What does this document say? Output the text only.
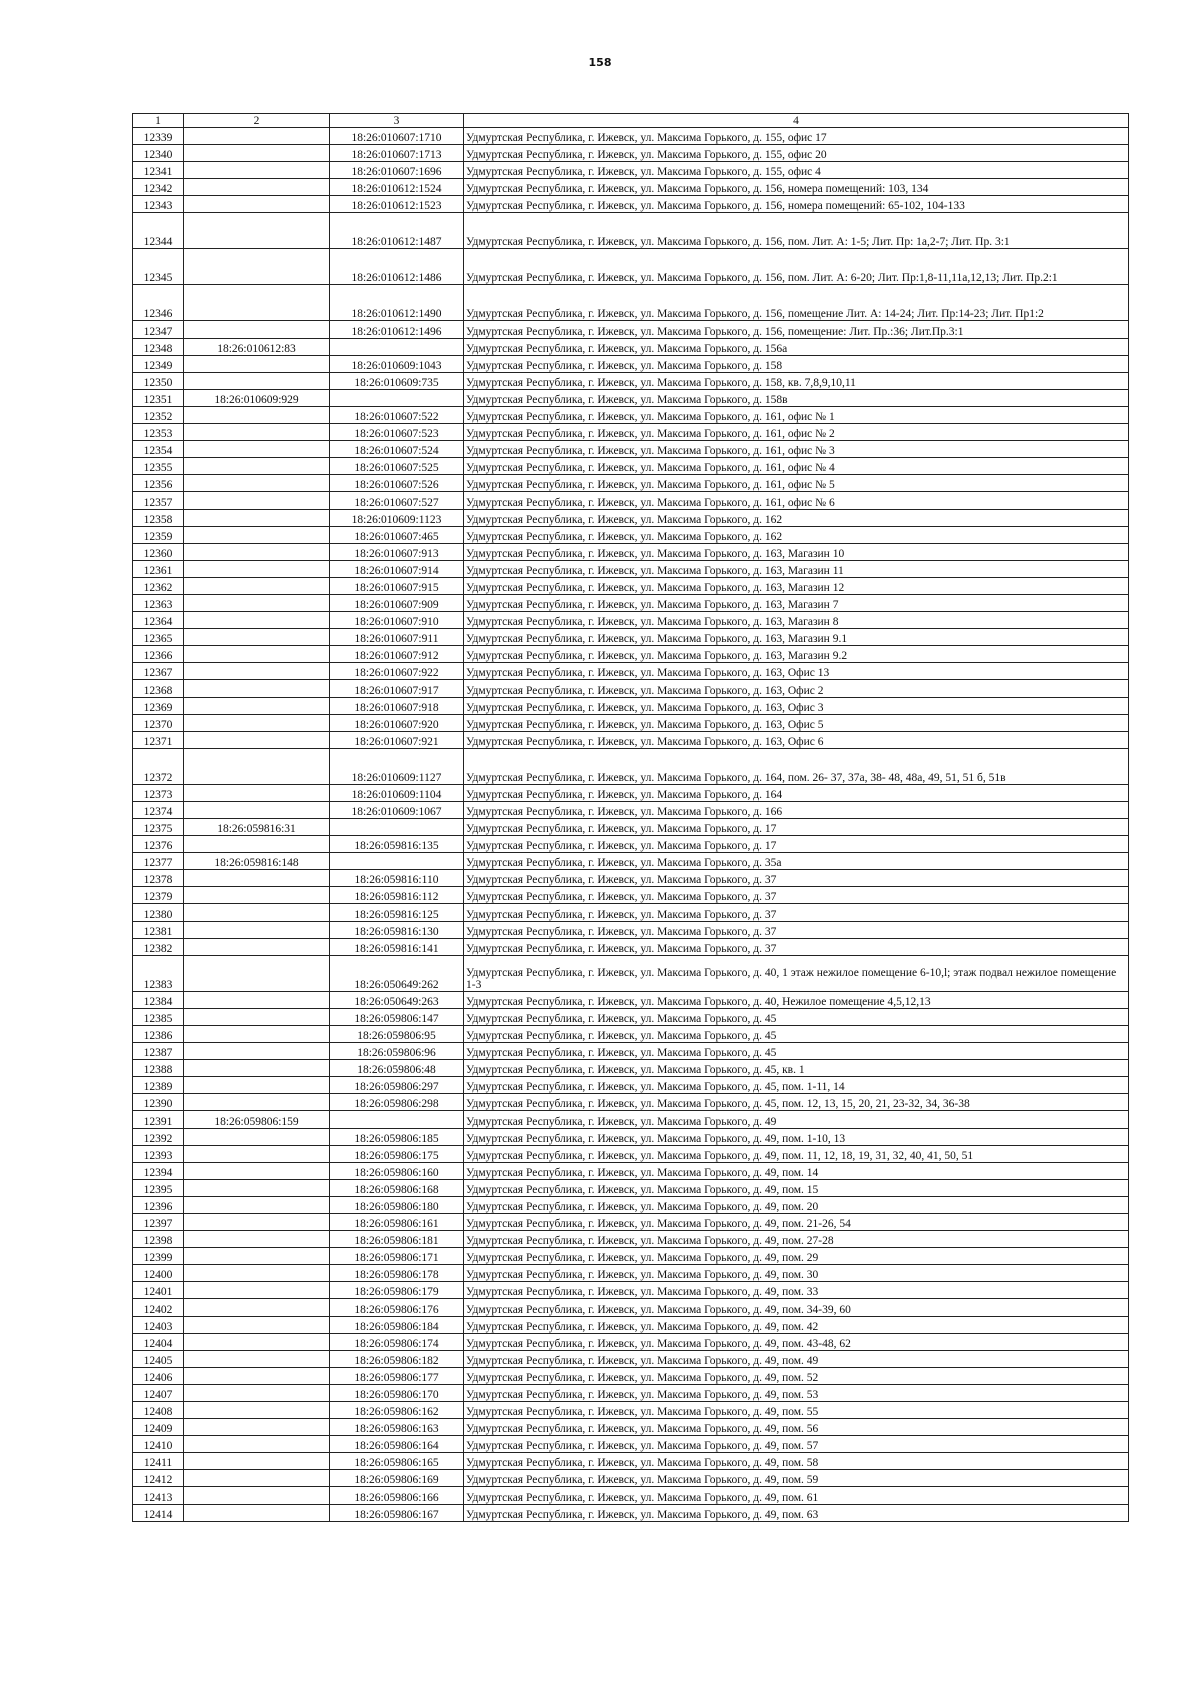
158
1	2	3	4
12339		18:26:010607:1710	Удмуртская Республика, г. Ижевск, ул. Максима Горького, д. 155, офис 17
12340		18:26:010607:1713	Удмуртская Республика, г. Ижевск, ул. Максима Горького, д. 155, офис 20
12341		18:26:010607:1696	Удмуртская Республика, г. Ижевск, ул. Максима Горького, д. 155, офис 4
12342		18:26:010612:1524	Удмуртская Республика, г. Ижевск, ул. Максима Горького, д. 156, номера помещений: 103, 134
12343		18:26:010612:1523	Удмуртская Республика, г. Ижевск, ул. Максима Горького, д. 156, номера помещений: 65-102, 104-133
12344		18:26:010612:1487	Удмуртская Республика, г. Ижевск, ул. Максима Горького, д. 156, пом. Лит. А: 1-5; Лит. Пр: 1а,2-7; Лит. Пр. 3:1
12345		18:26:010612:1486	Удмуртская Республика, г. Ижевск, ул. Максима Горького, д. 156, пом. Лит. А: 6-20; Лит. Пр:1,8-11,11а,12,13; Лит. Пр.2:1
12346		18:26:010612:1490	Удмуртская Республика, г. Ижевск, ул. Максима Горького, д. 156, помещение Лит. А: 14-24; Лит. Пр:14-23; Лит. Пр1:2
12347		18:26:010612:1496	Удмуртская Республика, г. Ижевск, ул. Максима Горького, д. 156, помещение: Лит. Пр.:36; Лит.Пр.3:1
12348	18:26:010612:83		Удмуртская Республика, г. Ижевск, ул. Максима Горького, д. 156а
12349		18:26:010609:1043	Удмуртская Республика, г. Ижевск, ул. Максима Горького, д. 158
12350		18:26:010609:735	Удмуртская Республика, г. Ижевск, ул. Максима Горького, д. 158, кв. 7,8,9,10,11
12351	18:26:010609:929		Удмуртская Республика, г. Ижевск, ул. Максима Горького, д. 158в
12352		18:26:010607:522	Удмуртская Республика, г. Ижевск, ул. Максима Горького, д. 161, офис № 1
12353		18:26:010607:523	Удмуртская Республика, г. Ижевск, ул. Максима Горького, д. 161, офис № 2
12354		18:26:010607:524	Удмуртская Республика, г. Ижевск, ул. Максима Горького, д. 161, офис № 3
12355		18:26:010607:525	Удмуртская Республика, г. Ижевск, ул. Максима Горького, д. 161, офис № 4
12356		18:26:010607:526	Удмуртская Республика, г. Ижевск, ул. Максима Горького, д. 161, офис № 5
12357		18:26:010607:527	Удмуртская Республика, г. Ижевск, ул. Максима Горького, д. 161, офис № 6
12358		18:26:010609:1123	Удмуртская Республика, г. Ижевск, ул. Максима Горького, д. 162
12359		18:26:010607:465	Удмуртская Республика, г. Ижевск, ул. Максима Горького, д. 162
12360		18:26:010607:913	Удмуртская Республика, г. Ижевск, ул. Максима Горького, д. 163, Магазин 10
12361		18:26:010607:914	Удмуртская Республика, г. Ижевск, ул. Максима Горького, д. 163, Магазин 11
12362		18:26:010607:915	Удмуртская Республика, г. Ижевск, ул. Максима Горького, д. 163, Магазин 12
12363		18:26:010607:909	Удмуртская Республика, г. Ижевск, ул. Максима Горького, д. 163, Магазин 7
12364		18:26:010607:910	Удмуртская Республика, г. Ижевск, ул. Максима Горького, д. 163, Магазин 8
12365		18:26:010607:911	Удмуртская Республика, г. Ижевск, ул. Максима Горького, д. 163, Магазин 9.1
12366		18:26:010607:912	Удмуртская Республика, г. Ижевск, ул. Максима Горького, д. 163, Магазин 9.2
12367		18:26:010607:922	Удмуртская Республика, г. Ижевск, ул. Максима Горького, д. 163, Офис 13
12368		18:26:010607:917	Удмуртская Республика, г. Ижевск, ул. Максима Горького, д. 163, Офис 2
12369		18:26:010607:918	Удмуртская Республика, г. Ижевск, ул. Максима Горького, д. 163, Офис 3
12370		18:26:010607:920	Удмуртская Республика, г. Ижевск, ул. Максима Горького, д. 163, Офис 5
12371		18:26:010607:921	Удмуртская Республика, г. Ижевск, ул. Максима Горького, д. 163, Офис 6
12372		18:26:010609:1127	Удмуртская Республика, г. Ижевск, ул. Максима Горького, д. 164, пом. 26- 37, 37а, 38- 48, 48а, 49, 51, 51 б, 51в
12373		18:26:010609:1104	Удмуртская Республика, г. Ижевск, ул. Максима Горького, д. 164
12374		18:26:010609:1067	Удмуртская Республика, г. Ижевск, ул. Максима Горького, д. 166
12375	18:26:059816:31		Удмуртская Республика, г. Ижевск, ул. Максима Горького, д. 17
12376		18:26:059816:135	Удмуртская Республика, г. Ижевск, ул. Максима Горького, д. 17
12377	18:26:059816:148		Удмуртская Республика, г. Ижевск, ул. Максима Горького, д. 35а
12378		18:26:059816:110	Удмуртская Республика, г. Ижевск, ул. Максима Горького, д. 37
12379		18:26:059816:112	Удмуртская Республика, г. Ижевск, ул. Максима Горького, д. 37
12380		18:26:059816:125	Удмуртская Республика, г. Ижевск, ул. Максима Горького, д. 37
12381		18:26:059816:130	Удмуртская Республика, г. Ижевск, ул. Максима Горького, д. 37
12382		18:26:059816:141	Удмуртская Республика, г. Ижевск, ул. Максима Горького, д. 37
12383		18:26:050649:262	Удмуртская Республика, г. Ижевск, ул. Максима Горького, д. 40, 1 этаж нежилое помещение 6-10,l; этаж подвал нежилое помещение 1-3
12384		18:26:050649:263	Удмуртская Республика, г. Ижевск, ул. Максима Горького, д. 40, Нежилое помещение 4,5,12,13
12385		18:26:059806:147	Удмуртская Республика, г. Ижевск, ул. Максима Горького, д. 45
12386		18:26:059806:95	Удмуртская Республика, г. Ижевск, ул. Максима Горького, д. 45
12387		18:26:059806:96	Удмуртская Республика, г. Ижевск, ул. Максима Горького, д. 45
12388		18:26:059806:48	Удмуртская Республика, г. Ижевск, ул. Максима Горького, д. 45, кв. 1
12389		18:26:059806:297	Удмуртская Республика, г. Ижевск, ул. Максима Горького, д. 45, пом. 1-11, 14
12390		18:26:059806:298	Удмуртская Республика, г. Ижевск, ул. Максима Горького, д. 45, пом. 12, 13, 15, 20, 21, 23-32, 34, 36-38
12391	18:26:059806:159		Удмуртская Республика, г. Ижевск, ул. Максима Горького, д. 49
12392		18:26:059806:185	Удмуртская Республика, г. Ижевск, ул. Максима Горького, д. 49, пом. 1-10, 13
12393		18:26:059806:175	Удмуртская Республика, г. Ижевск, ул. Максима Горького, д. 49, пом. 11, 12, 18, 19, 31, 32, 40, 41, 50, 51
12394		18:26:059806:160	Удмуртская Республика, г. Ижевск, ул. Максима Горького, д. 49, пом. 14
12395		18:26:059806:168	Удмуртская Республика, г. Ижевск, ул. Максима Горького, д. 49, пом. 15
12396		18:26:059806:180	Удмуртская Республика, г. Ижевск, ул. Максима Горького, д. 49, пом. 20
12397		18:26:059806:161	Удмуртская Республика, г. Ижевск, ул. Максима Горького, д. 49, пом. 21-26, 54
12398		18:26:059806:181	Удмуртская Республика, г. Ижевск, ул. Максима Горького, д. 49, пом. 27-28
12399		18:26:059806:171	Удмуртская Республика, г. Ижевск, ул. Максима Горького, д. 49, пом. 29
12400		18:26:059806:178	Удмуртская Республика, г. Ижевск, ул. Максима Горького, д. 49, пом. 30
12401		18:26:059806:179	Удмуртская Республика, г. Ижевск, ул. Максима Горького, д. 49, пом. 33
12402		18:26:059806:176	Удмуртская Республика, г. Ижевск, ул. Максима Горького, д. 49, пом. 34-39, 60
12403		18:26:059806:184	Удмуртская Республика, г. Ижевск, ул. Максима Горького, д. 49, пом. 42
12404		18:26:059806:174	Удмуртская Республика, г. Ижевск, ул. Максима Горького, д. 49, пом. 43-48, 62
12405		18:26:059806:182	Удмуртская Республика, г. Ижевск, ул. Максима Горького, д. 49, пом. 49
12406		18:26:059806:177	Удмуртская Республика, г. Ижевск, ул. Максима Горького, д. 49, пом. 52
12407		18:26:059806:170	Удмуртская Республика, г. Ижевск, ул. Максима Горького, д. 49, пом. 53
12408		18:26:059806:162	Удмуртская Республика, г. Ижевск, ул. Максима Горького, д. 49, пом. 55
12409		18:26:059806:163	Удмуртская Республика, г. Ижевск, ул. Максима Горького, д. 49, пом. 56
12410		18:26:059806:164	Удмуртская Республика, г. Ижевск, ул. Максима Горького, д. 49, пом. 57
12411		18:26:059806:165	Удмуртская Республика, г. Ижевск, ул. Максима Горького, д. 49, пом. 58
12412		18:26:059806:169	Удмуртская Республика, г. Ижевск, ул. Максима Горького, д. 49, пом. 59
12413		18:26:059806:166	Удмуртская Республика, г. Ижевск, ул. Максима Горького, д. 49, пом. 61
12414		18:26:059806:167	Удмуртская Республика, г. Ижевск, ул. Максима Горького, д. 49, пом. 63
